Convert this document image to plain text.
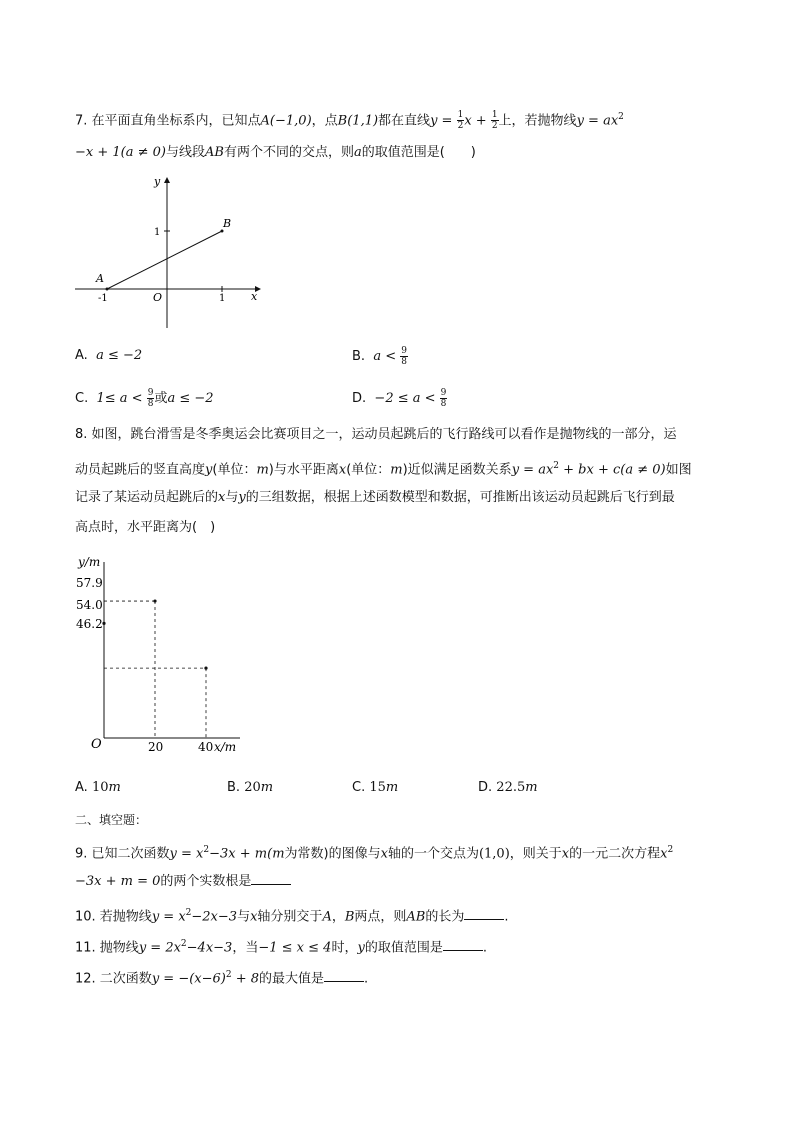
7. 在平面直角坐标系内，已知点A(−1,0)，点B(1,1)都在直线$y = \frac{1}{2}$ $x + \frac{1}{2}$ 上，若抛物线$y = ax^2$
−x + 1(a ≠ 0)与线段AB有两个不同的交点，则a的取值范围是(　　)
y
x
O
A
B
-1	1
1
A. a ≤ −2	B. $a < \frac{9}{8}$
C. $1\le a < \frac{9}{8}$ 或a ≤ −2	D. $-2 \le a < \frac{9}{8}$
8. 如图，跳台滑雪是冬季奥运会比赛项目之一，运动员起跳后的飞行路线可以看作是抛物线的一部分，运
动员起跳后的竖直高度y(单位：m)与水平距离x(单位：m)近似满足函数关系$y = ax^2$ + bx + c(a ≠ 0)如图
记录了某运动员起跳后的x与y的三组数据，根据上述函数模型和数据，可推断出该运动员起跳后飞行到最
高点时，水平距离为(　)
y/m
x/m
O
57.9
54.0
46.2
20	40
A. 10m	B. 20m	C. 15m	D. 22.5m
二、填空题：
9. 已知二次函数$y = x^2-3x + m(m$为常数)的图像与x轴的一个交点为(1,0)，则关于x的一元二次方程$x^2$
−3x + m = 0的两个实数根是
10. 若抛物线$y = x^2-2x-3$与x轴分别交于A，B两点，则AB的长为	.
11. 抛物线$y = 2x^2-4x-3$，当−1 ≤ x ≤ 4时，y的取值范围是	.
12. 二次函数$y = -(x-6)^2 + 8$的最大值是	.
